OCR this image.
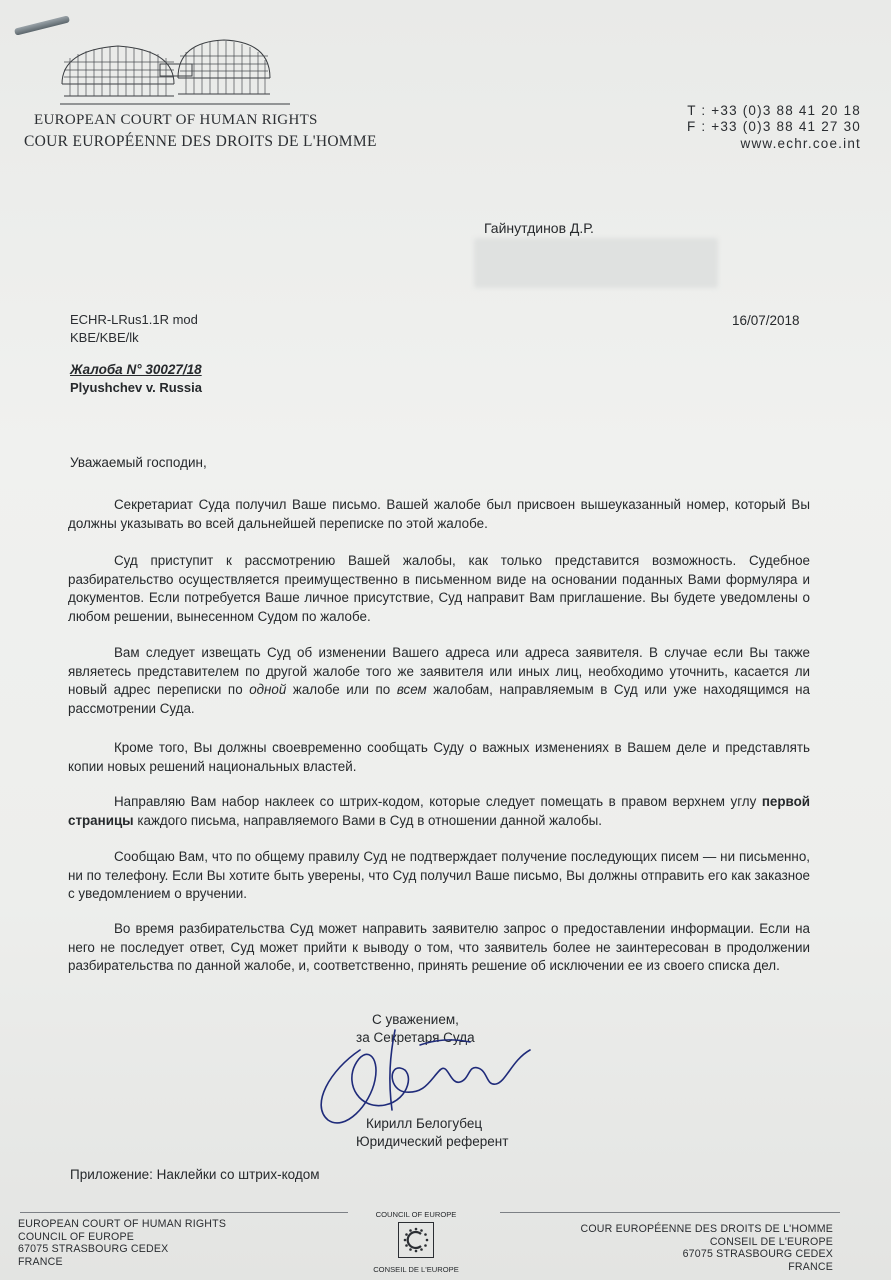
EUROPEAN COURT OF HUMAN RIGHTS
COUR EUROPÉENNE DES DROITS DE L'HOMME
T : +33 (0)3 88 41 20 18
F : +33 (0)3 88 41 27 30
www.echr.coe.int
Гайнутдинов Д.Р.
ECHR-LRus1.1R mod
KBE/KBE/lk
16/07/2018
Жалоба N° 30027/18
Plyushchev v. Russia
Уважаемый господин,

Секретариат Суда получил Ваше письмо. Вашей жалобе был присвоен вышеуказанный номер, который Вы должны указывать во всей дальнейшей переписке по этой жалобе.

Суд приступит к рассмотрению Вашей жалобы, как только представится возможность. Судебное разбирательство осуществляется преимущественно в письменном виде на основании поданных Вами формуляра и документов. Если потребуется Ваше личное присутствие, Суд направит Вам приглашение. Вы будете уведомлены о любом решении, вынесенном Судом по жалобе.

Вам следует извещать Суд об изменении Вашего адреса или адреса заявителя. В случае если Вы также являетесь представителем по другой жалобе того же заявителя или иных лиц, необходимо уточнить, касается ли новый адрес переписки по одной жалобе или по всем жалобам, направляемым в Суд или уже находящимся на рассмотрении Суда.

Кроме того, Вы должны своевременно сообщать Суду о важных изменениях в Вашем деле и представлять копии новых решений национальных властей.

Направляю Вам набор наклеек со штрих-кодом, которые следует помещать в правом верхнем углу первой страницы каждого письма, направляемого Вами в Суд в отношении данной жалобы.

Сообщаю Вам, что по общему правилу Суд не подтверждает получение последующих писем — ни письменно, ни по телефону. Если Вы хотите быть уверены, что Суд получил Ваше письмо, Вы должны отправить его как заказное с уведомлением о вручении.

Во время разбирательства Суд может направить заявителю запрос о предоставлении информации. Если на него не последует ответ, Суд может прийти к выводу о том, что заявитель более не заинтересован в продолжении разбирательства по данной жалобе, и, соответственно, принять решение об исключении ее из своего списка дел.

С уважением,
за Секретаря Суда
Кирилл Белогубец
Юридический референт
Приложение: Наклейки со штрих-кодом
EUROPEAN COURT OF HUMAN RIGHTS
COUNCIL OF EUROPE
67075 STRASBOURG CEDEX
FRANCE
COUNCIL OF EUROPE
CONSEIL DE L'EUROPE
COUR EUROPÉENNE DES DROITS DE L'HOMME
CONSEIL DE L'EUROPE
67075 STRASBOURG CEDEX
FRANCE
